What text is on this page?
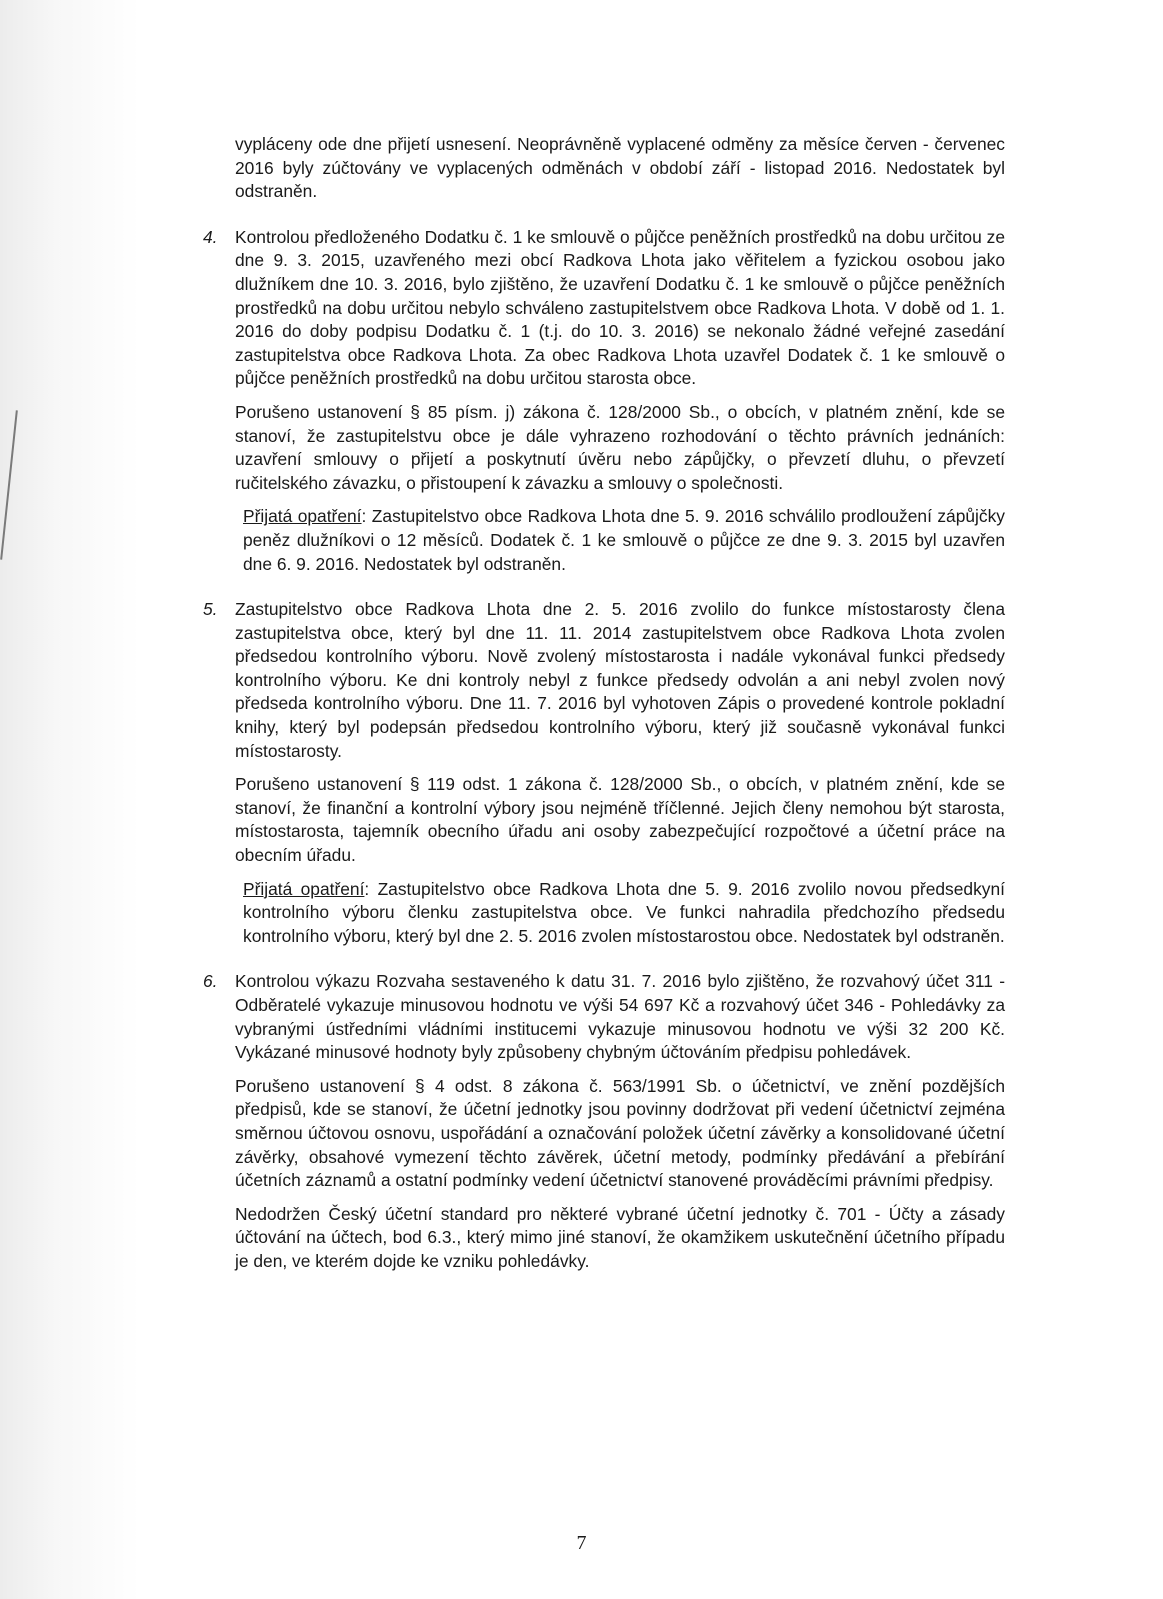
vypláceny ode dne přijetí usnesení. Neoprávněně vyplacené odměny za měsíce červen - červenec 2016 byly zúčtovány ve vyplacených odměnách v období září - listopad 2016. Nedostatek byl odstraněn.

4. Kontrolou předloženého Dodatku č. 1 ke smlouvě o půjčce peněžních prostředků na dobu určitou ze dne 9. 3. 2015, uzavřeného mezi obcí Radkova Lhota jako věřitelem a fyzickou osobou jako dlužníkem dne 10. 3. 2016, bylo zjištěno, že uzavření Dodatku č. 1 ke smlouvě o půjčce peněžních prostředků na dobu určitou nebylo schváleno zastupitelstvem obce Radkova Lhota. V době od 1. 1. 2016 do doby podpisu Dodatku č. 1 (t.j. do 10. 3. 2016) se nekonalo žádné veřejné zasedání zastupitelstva obce Radkova Lhota. Za obec Radkova Lhota uzavřel Dodatek č. 1 ke smlouvě o půjčce peněžních prostředků na dobu určitou starosta obce.

Porušeno ustanovení § 85 písm. j) zákona č. 128/2000 Sb., o obcích, v platném znění, kde se stanoví, že zastupitelstvu obce je dále vyhrazeno rozhodování o těchto právních jednáních: uzavření smlouvy o přijetí a poskytnutí úvěru nebo zápůjčky, o převzetí dluhu, o převzetí ručitelského závazku, o přistoupení k závazku a smlouvy o společnosti.

Přijatá opatření: Zastupitelstvo obce Radkova Lhota dne 5. 9. 2016 schválilo prodloužení zápůjčky peněz dlužníkovi o 12 měsíců. Dodatek č. 1 ke smlouvě o půjčce ze dne 9. 3. 2015 byl uzavřen dne 6. 9. 2016. Nedostatek byl odstraněn.

5. Zastupitelstvo obce Radkova Lhota dne 2. 5. 2016 zvolilo do funkce místostarosty člena zastupitelstva obce, který byl dne 11. 11. 2014 zastupitelstvem obce Radkova Lhota zvolen předsedou kontrolního výboru. Nově zvolený místostarosta i nadále vykonával funkci předsedy kontrolního výboru. Ke dni kontroly nebyl z funkce předsedy odvolán a ani nebyl zvolen nový předseda kontrolního výboru. Dne 11. 7. 2016 byl vyhotoven Zápis o provedené kontrole pokladní knihy, který byl podepsán předsedou kontrolního výboru, který již současně vykonával funkci místostarosty.

Porušeno ustanovení § 119 odst. 1 zákona č. 128/2000 Sb., o obcích, v platném znění, kde se stanoví, že finanční a kontrolní výbory jsou nejméně tříčlenné. Jejich členy nemohou být starosta, místostarosta, tajemník obecního úřadu ani osoby zabezpečující rozpočtové a účetní práce na obecním úřadu.

Přijatá opatření: Zastupitelstvo obce Radkova Lhota dne 5. 9. 2016 zvolilo novou předsedkyní kontrolního výboru členku zastupitelstva obce. Ve funkci nahradila předchozího předsedu kontrolního výboru, který byl dne 2. 5. 2016 zvolen místostarostou obce. Nedostatek byl odstraněn.

6. Kontrolou výkazu Rozvaha sestaveného k datu 31. 7. 2016 bylo zjištěno, že rozvahový účet 311 - Odběratelé vykazuje minusovou hodnotu ve výši 54 697 Kč a rozvahový účet 346 - Pohledávky za vybranými ústředními vládními institucemi vykazuje minusovou hodnotu ve výši 32 200 Kč. Vykázané minusové hodnoty byly způsobeny chybným účtováním předpisu pohledávek.

Porušeno ustanovení § 4 odst. 8 zákona č. 563/1991 Sb. o účetnictví, ve znění pozdějších předpisů, kde se stanoví, že účetní jednotky jsou povinny dodržovat při vedení účetnictví zejména směrnou účtovou osnovu, uspořádání a označování položek účetní závěrky a konsolidované účetní závěrky, obsahové vymezení těchto závěrek, účetní metody, podmínky předávání a přebírání účetních záznamů a ostatní podmínky vedení účetnictví stanovené prováděcími právními předpisy.

Nedodržen Český účetní standard pro některé vybrané účetní jednotky č. 701 - Účty a zásady účtování na účtech, bod 6.3., který mimo jiné stanoví, že okamžikem uskutečnění účetního případu je den, ve kterém dojde ke vzniku pohledávky.

7
